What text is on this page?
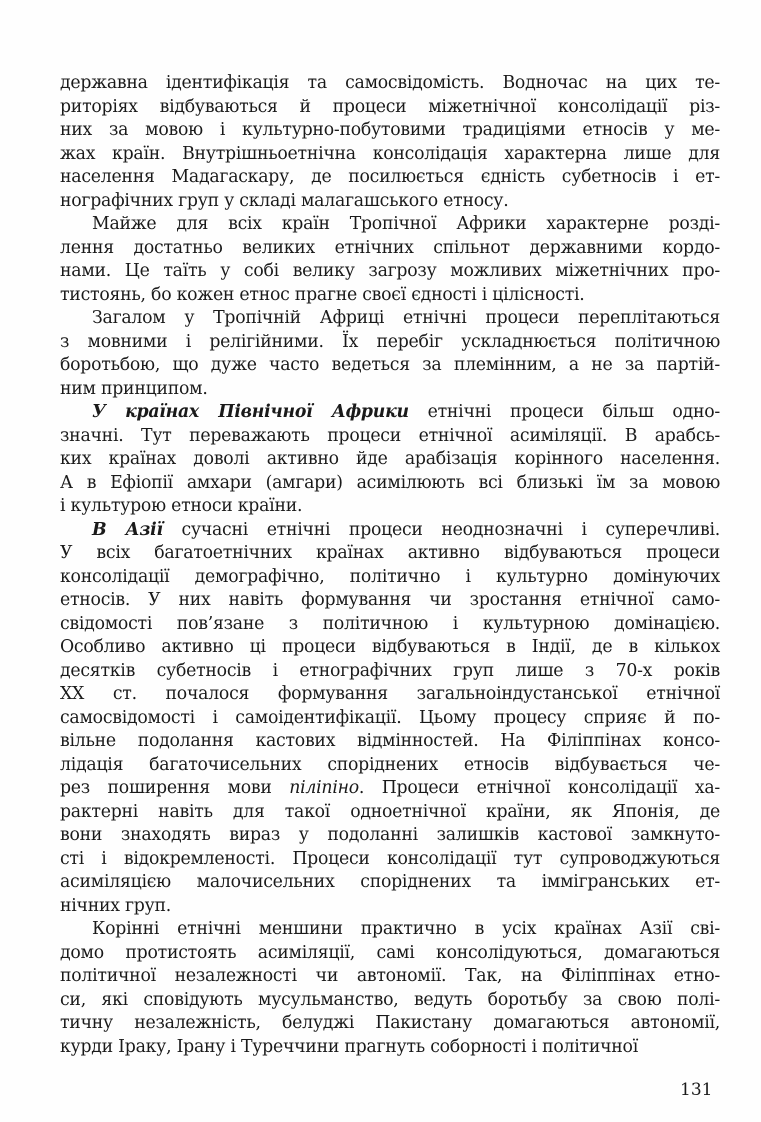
державна ідентифікація та самосвідомість. Водночас на цих те-
риторіях відбуваються й процеси міжетнічної консолідації різ-
них за мовою і культурно-побутовими традиціями етносів у ме-
жах країн. Внутрішньоетнічна консолідація характерна лише для
населення Мадагаскару, де посилюється єдність субетносів і ет-
нографічних груп у складі малагашського етносу.
Майже для всіх країн Тропічної Африки характерне розді-
лення достатньо великих етнічних спільнот державними кордо-
нами. Це таїть у собі велику загрозу можливих міжетнічних про-
тистоянь, бо кожен етнос прагне своєї єдності і цілісності.
Загалом у Тропічній Африці етнічні процеси переплітаються
з мовними і релігійними. Їх перебіг ускладнюється політичною
боротьбою, що дуже часто ведеться за племінним, а не за партій-
ним принципом.
У країнах Північної Африки етнічні процеси більш одно-
значні. Тут переважають процеси етнічної асиміляції. В арабсь-
ких країнах доволі активно йде арабізація корінного населення.
А в Ефіопії амхари (амгари) асимілюють всі близькі їм за мовою
і культурою етноси країни.
В Азії сучасні етнічні процеси неоднозначні і суперечливі.
У всіх багатоетнічних країнах активно відбуваються процеси
консолідації демографічно, політично і культурно домінуючих
етносів. У них навіть формування чи зростання етнічної само-
свідомості пов’язане з політичною і культурною домінацією.
Особливо активно ці процеси відбуваються в Індії, де в кількох
десятків субетносів і етнографічних груп лише з 70-х років
XX ст. почалося формування загальноіндустанської етнічної
самосвідомості і самоідентифікації. Цьому процесу сприяє й по-
вільне подолання кастових відмінностей. На Філіппінах консо-
лідація багаточисельних споріднених етносів відбувається че-
рез поширення мови піліпіно. Процеси етнічної консолідації ха-
рактерні навіть для такої одноетнічної країни, як Японія, де
вони знаходять вираз у подоланні залишків кастової замкнуто-
сті і відокремленості. Процеси консолідації тут супроводжуються
асиміляцією малочисельних споріднених та іммігранських ет-
нічних груп.
Корінні етнічні меншини практично в усіх країнах Азії сві-
домо протистоять асиміляції, самі консолідуються, домагаються
політичної незалежності чи автономії. Так, на Філіппінах етно-
си, які сповідують мусульманство, ведуть боротьбу за свою полі-
тичну незалежність, белуджі Пакистану домагаються автономії,
курди Іраку, Ірану і Туреччини прагнуть соборності і політичної
131
